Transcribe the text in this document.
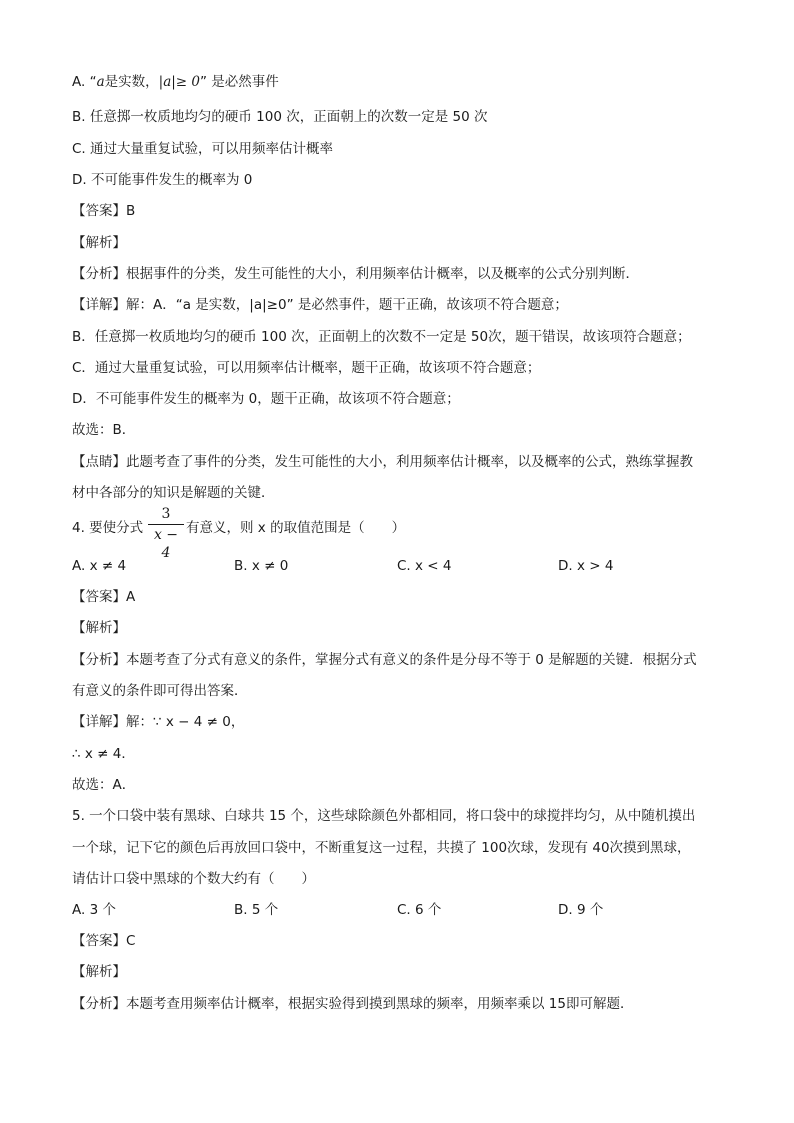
A. “a是实数，|a|≥ 0” 是必然事件
B. 任意掷一枚质地均匀的硬币 100 次，正面朝上的次数一定是 50 次
C. 通过大量重复试验，可以用频率估计概率
D. 不可能事件发生的概率为 0
【答案】B
【解析】
【分析】根据事件的分类，发生可能性的大小，利用频率估计概率，以及概率的公式分别判断．
【详解】解：A．“a 是实数，|a|≥0” 是必然事件，题干正确，故该项不符合题意；
B．任意掷一枚质地均匀的硬币 100 次，正面朝上的次数不一定是 50次，题干错误，故该项符合题意；
C．通过大量重复试验，可以用频率估计概率，题干正确，故该项不符合题意；
D．不可能事件发生的概率为 0，题干正确，故该项不符合题意；
故选：B．
【点睛】此题考查了事件的分类，发生可能性的大小，利用频率估计概率，以及概率的公式，熟练掌握教
材中各部分的知识是解题的关键．
4. 要使分式
3
x − 4
有意义，则 x 的取值范围是（　　）
A. x ≠ 4	B. x ≠ 0	C. x < 4	D. x > 4
【答案】A
【解析】
【分析】本题考查了分式有意义的条件，掌握分式有意义的条件是分母不等于 0 是解题的关键．根据分式
有意义的条件即可得出答案．
【详解】解：∵ x − 4 ≠ 0，
∴ x ≠ 4．
故选：A．
5. 一个口袋中装有黑球、白球共 15 个，这些球除颜色外都相同，将口袋中的球搅拌均匀，从中随机摸出
一个球，记下它的颜色后再放回口袋中，不断重复这一过程，共摸了 100次球，发现有 40次摸到黑球，
请估计口袋中黑球的个数大约有（　　）
A. 3 个	B. 5 个	C. 6 个	D. 9 个
【答案】C
【解析】
【分析】本题考查用频率估计概率，根据实验得到摸到黑球的频率，用频率乘以 15即可解题．
